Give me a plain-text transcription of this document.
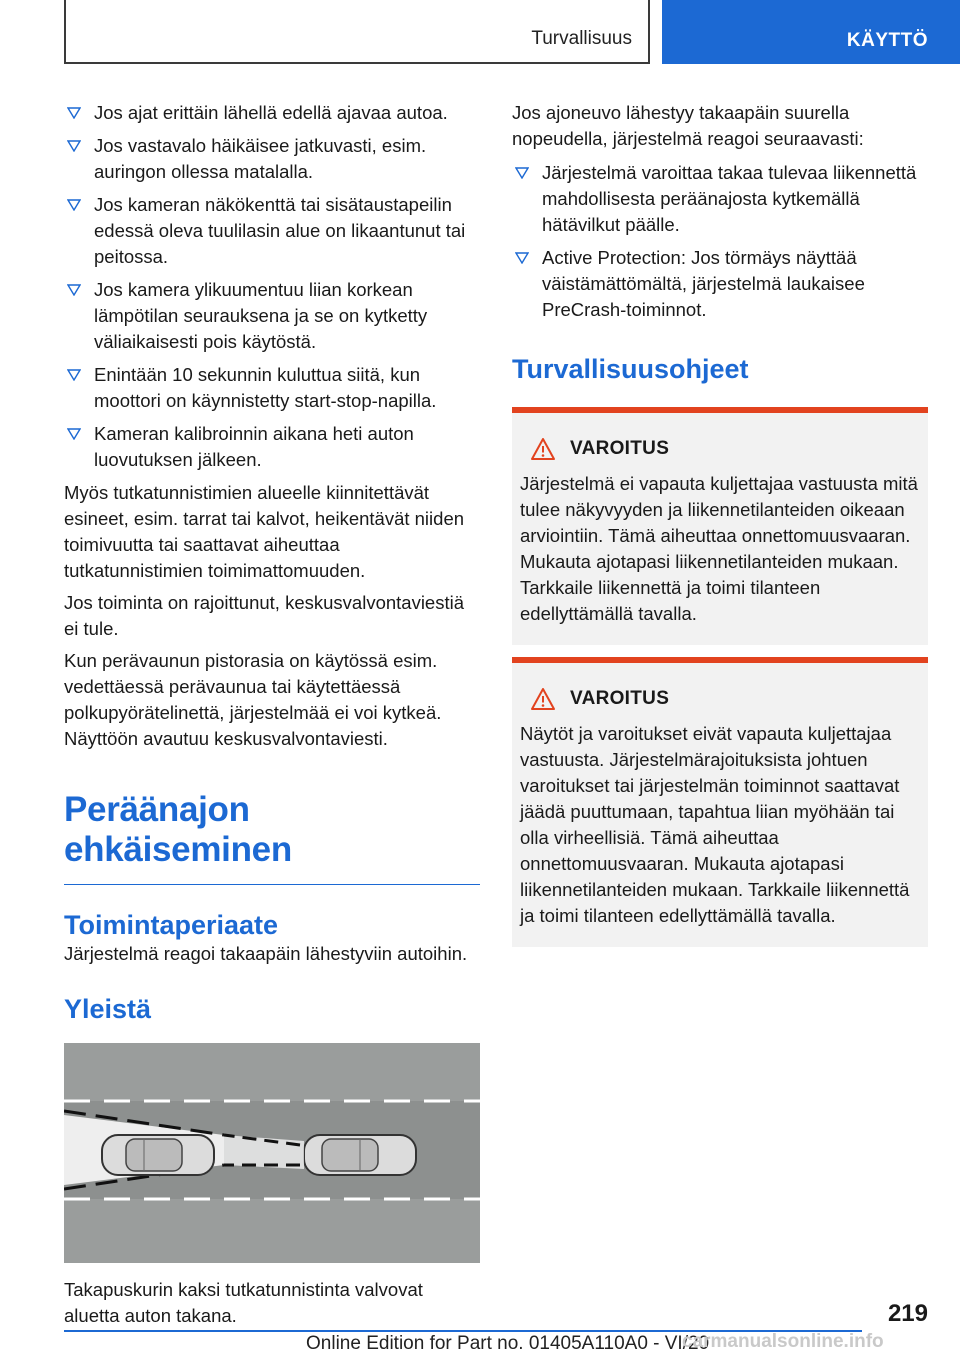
Turvallisuus	KÄYTTÖ
Jos ajat erittäin lähellä edellä ajavaa autoa.
Jos vastavalo häikäisee jatkuvasti, esim. auringon ollessa matalalla.
Jos kameran näkökenttä tai sisätaustapeilin edessä oleva tuulilasin alue on likaantunut tai peitossa.
Jos kamera ylikuumentuu liian korkean lämpötilan seurauksena ja se on kytketty väliaikaisesti pois käytöstä.
Enintään 10 sekunnin kuluttua siitä, kun moottori on käynnistetty start-stop-napilla.
Kameran kalibroinnin aikana heti auton luovutuksen jälkeen.

Myös tutkatunnistimien alueelle kiinnitettävät esineet, esim. tarrat tai kalvot, heikentävät niiden toimivuutta tai saattavat aiheuttaa tutkatunnistimien toimimattomuuden.

Jos toiminta on rajoittunut, keskusvalvontaviestiä ei tule.

Kun perävaunun pistorasia on käytössä esim. vedettäessä perävaunua tai käytettäessä polkupyörätelinettä, järjestelmää ei voi kytkeä. Näyttöön avautuu keskusvalvontaviesti.

Peräänajon ehkäiseminen
Toimintaperiaate

Järjestelmä reagoi takaapäin lähestyviin autoihin.

Yleistä

Takapuskurin kaksi tutkatunnistinta valvovat aluetta auton takana.

Jos ajoneuvo lähestyy takaapäin suurella nopeudella, järjestelmä reagoi seuraavasti:

Järjestelmä varoittaa takaa tulevaa liikennettä mahdollisesta peräänajosta kytkemällä hätävilkut päälle.
Active Protection: Jos törmäys näyttää väistämättömältä, järjestelmä laukaisee PreCrash-toiminnot.
Turvallisuusohjeet
VAROITUS

Järjestelmä ei vapauta kuljettajaa vastuusta mitä tulee näkyvyyden ja liikennetilanteiden oikeaan arviointiin. Tämä aiheuttaa onnettomuusvaaran. Mukauta ajotapasi liikennetilanteiden mukaan. Tarkkaile liikennettä ja toimi tilanteen edellyttämällä tavalla.

VAROITUS

Näytöt ja varoitukset eivät vapauta kuljettajaa vastuusta. Järjestelmärajoituksista johtuen varoitukset tai järjestelmän toiminnot saattavat jäädä puuttumaan, tapahtua liian myöhään tai olla virheellisiä. Tämä aiheuttaa onnettomuusvaaran. Mukauta ajotapasi liikennetilanteiden mukaan. Tarkkaile liikennettä ja toimi tilanteen edellyttämällä tavalla.

219
Online Edition for Part no. 01405A110A0 - VI/20
carmanualsonline.info
